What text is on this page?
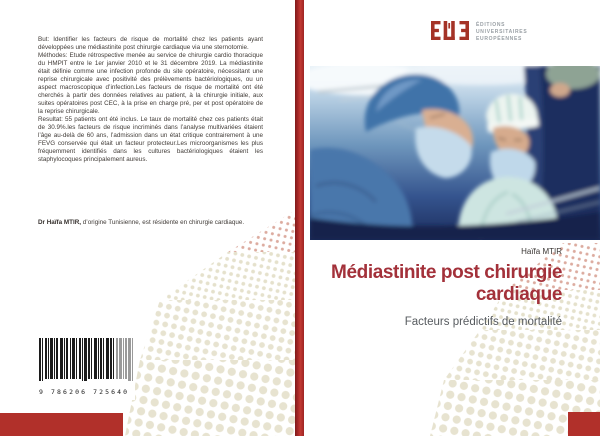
But: Identifier les facteurs de risque de mortalité chez les patients ayant développées une médiastinite post chirurgie cardiaque via une sternotomie.

Méthodes: Etude rétrospective menée au service de chirurgie cardio thoracique du HMPIT entre le 1er janvier 2010 et le 31 décembre 2019. La médiastinite était définie comme une infection profonde du site opératoire, nécessitant une reprise chirurgicale avec positivité des prélèvements bactériologiques, ou un aspect macroscopique d’infection.Les facteurs de risque de mortalité ont été cherchés à partir des données relatives au patient, à la chirurgie initiale, aux suites opératoires post CEC, à la prise en charge pré, per et post opératoire de la reprise chirurgicale.

Resultat: 55 patients ont été inclus. Le taux de mortalité chez ces patients était de 30.9%.les facteurs de risque incriminés dans l’analyse multivariées étaient l’âge au-delà de 60 ans, l’admission dans un état critique contrairement à une FEVG conservée qui était un facteur protecteur.Les microorganismes les plus fréquemment identifiés dans les cultures bactériologiques étaient les staphylocoques principalement aureus.

Dr Haïfa MTIR, d’origine Tunisienne, est résidente en chirurgie cardiaque.

9 786206 725640
ÉDITIONS
UNIVERSITAIRES
EUROPÉENNES
Haïfa MTIR
Médiastinite post chirurgie cardiaque
Facteurs prédictifs de mortalité
